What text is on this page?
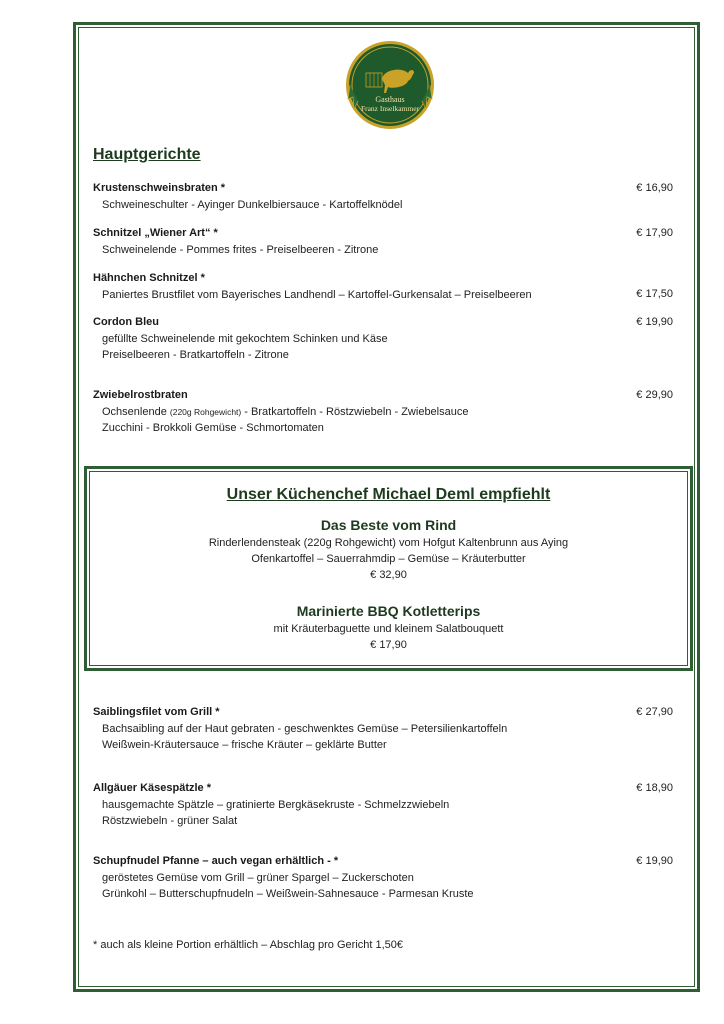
Gasthaus
Franz Inselkammer
Hauptgerichte
Krustenschweinsbraten *
Schweineschulter - Ayinger Dunkelbiersauce - Kartoffelknödel
€ 16,90
Schnitzel „Wiener Art“ *
Schweinelende - Pommes frites - Preiselbeeren - Zitrone
€ 17,90
Hähnchen Schnitzel *
Paniertes Brustfilet vom Bayerisches Landhendl – Kartoffel-Gurkensalat – Preiselbeeren	€ 17,50
Cordon Bleu
gefüllte Schweinelende mit gekochtem Schinken und Käse
Preiselbeeren - Bratkartoffeln - Zitrone
€ 19,90
Zwiebelrostbraten
Ochsenlende (220g Rohgewicht) - Bratkartoffeln - Röstzwiebeln - Zwiebelsauce
Zucchini - Brokkoli Gemüse - Schmortomaten
€ 29,90
Unser Küchenchef Michael Deml empfiehlt
Das Beste vom Rind
Rinderlendensteak (220g Rohgewicht) vom Hofgut Kaltenbrunn aus Aying
Ofenkartoffel – Sauerrahmdip – Gemüse – Kräuterbutter
€ 32,90
Marinierte BBQ Kotletterips
mit Kräuterbaguette und kleinem Salatbouquett
€ 17,90
Saiblingsfilet vom Grill *
Bachsaibling auf der Haut gebraten - geschwenktes Gemüse – Petersilienkartoffeln
Weißwein-Kräutersauce – frische Kräuter – geklärte Butter
€ 27,90
Allgäuer Käsespätzle *
hausgemachte Spätzle – gratinierte Bergkäsekruste - Schmelzzwiebeln
Röstzwiebeln - grüner Salat
€ 18,90
Schupfnudel Pfanne – auch vegan erhältlich - *
geröstetes Gemüse vom Grill – grüner Spargel – Zuckerschoten
Grünkohl – Butterschupfnudeln – Weißwein-Sahnesauce - Parmesan Kruste
€ 19,90
* auch als kleine Portion erhältlich – Abschlag pro Gericht 1,50€
